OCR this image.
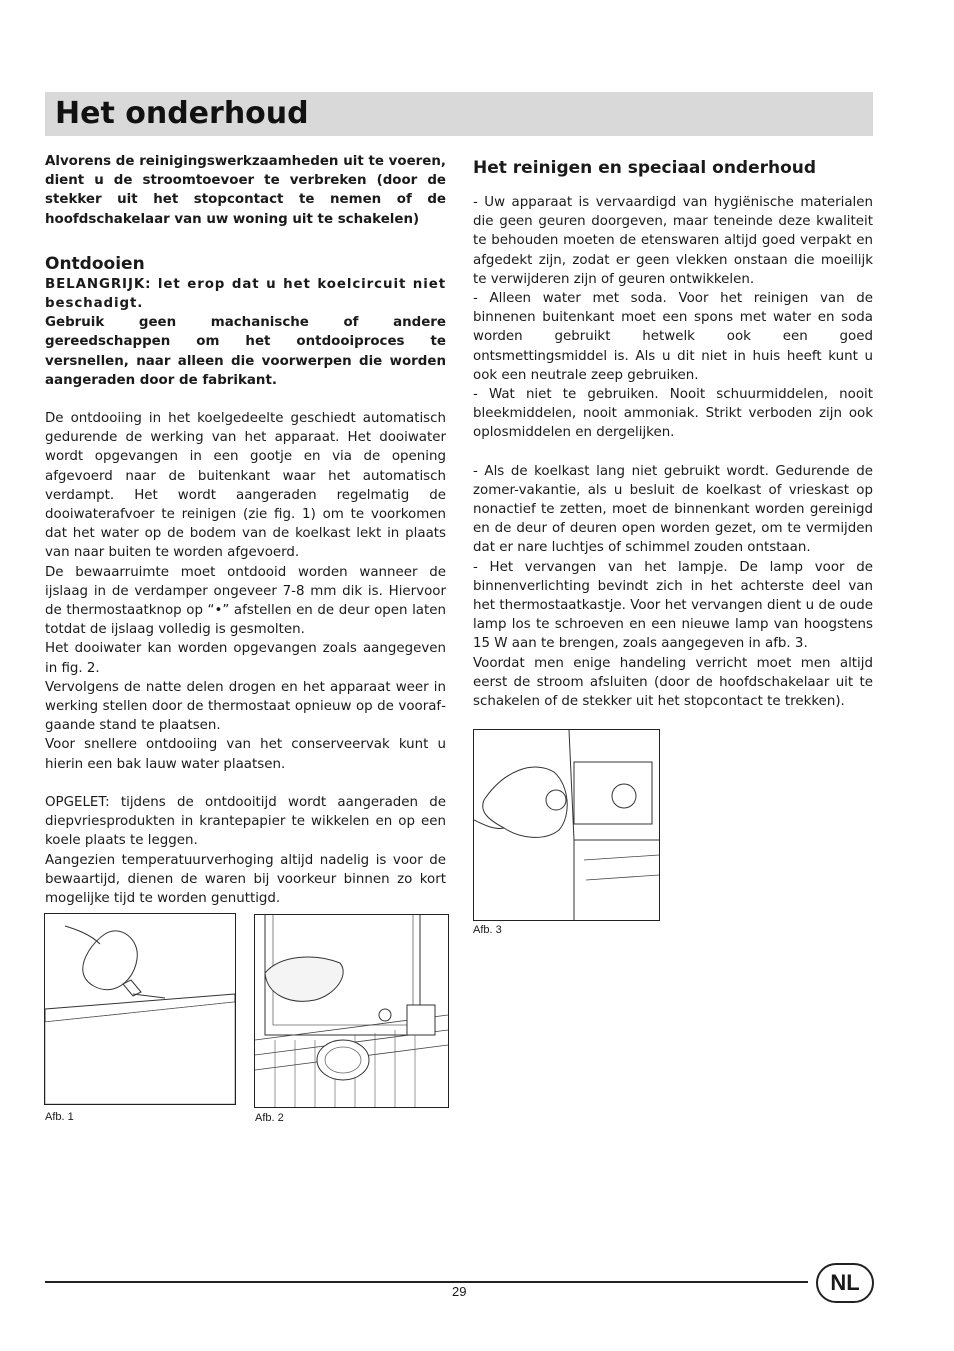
Het onderhoud

Alvorens de reinigingswerkzaamheden uit te voeren, dient u de stroomtoevoer te verbreken (door de stekker uit het stopcontact te nemen of de hoofdschakelaar van uw woning uit te schakelen)

Ontdooien

BELANGRIJK: let erop dat u het koelcircuit niet beschadigt.

Gebruik geen machanische of andere gereedschappen om het ontdooiproces te versnellen, naar alleen die voorwerpen die worden aangeraden door de fabrikant.

De ontdooiing in het koelgedeelte geschiedt automatisch gedurende de werking van het apparaat. Het dooiwater wordt opgevangen in een gootje en via de opening afgevoerd naar de buitenkant waar het automatisch verdampt. Het wordt aangeraden regelmatig de dooiwaterafvoer te reinigen (zie fig. 1) om te voorkomen dat het water op de bodem van de koelkast lekt in plaats van naar buiten te worden afgevoerd.

De bewaarruimte moet ontdooid worden wanneer de ijslaag in de verdamper ongeveer 7-8 mm dik is. Hiervoor de thermostaatknop op “•” afstellen en de deur open laten totdat de ijslaag volledig is gesmolten.

Het dooiwater kan worden opgevangen zoals aangegeven in fig. 2.

Vervolgens de natte delen drogen en het apparaat weer in werking stellen door de thermostaat opnieuw op de voorafgaande stand te plaatsen.

Voor snellere ontdooiing van het conserveervak kunt u hierin een bak lauw water plaatsen.

OPGELET: tijdens de ontdooitijd wordt aangeraden de diepvriesprodukten in krantepapier te wikkelen en op een koele plaats te leggen.

Aangezien temperatuurverhoging altijd nadelig is voor de bewaartijd, dienen de waren bij voorkeur binnen zo kort mogelijke tijd te worden genuttigd.

Het reinigen en speciaal onderhoud

- Uw apparaat is vervaardigd van hygiënische materialen die geen geuren doorgeven, maar teneinde deze kwaliteit te behouden moeten de etenswaren altijd goed verpakt en afgedekt zijn, zodat er geen vlekken onstaan die moeilijk te verwijderen zijn of geuren ontwikkelen.

- Alleen water met soda. Voor het reinigen van de binnenen buitenkant moet een spons met water en soda worden gebruikt hetwelk ook een goed ontsmettingsmiddel is. Als u dit niet in huis heeft kunt u ook een neutrale zeep gebruiken.

- Wat niet te gebruiken. Nooit schuurmiddelen, nooit bleekmiddelen, nooit ammoniak. Strikt verboden zijn ook oplosmiddelen en dergelijken.

- Als de koelkast lang niet gebruikt wordt. Gedurende de zomer-vakantie, als u besluit de koelkast of vrieskast op nonactief te zetten, moet de binnenkant worden gereinigd en de deur of deuren open worden gezet, om te vermijden dat er nare luchtjes of schimmel zouden ontstaan.

- Het vervangen van het lampje. De lamp voor de binnenverlichting bevindt zich in het achterste deel van het thermostaatkastje. Voor het vervangen dient u de oude lamp los te schroeven en een nieuwe lamp van hoogstens 15 W aan te brengen, zoals aangegeven in afb. 3.

Voordat men enige handeling verricht moet men altijd eerst de stroom afsluiten (door de hoofdschakelaar uit te schakelen of de stekker uit het stopcontact te trekken).

Afb. 1	Afb. 2
Afb. 3
29	NL
